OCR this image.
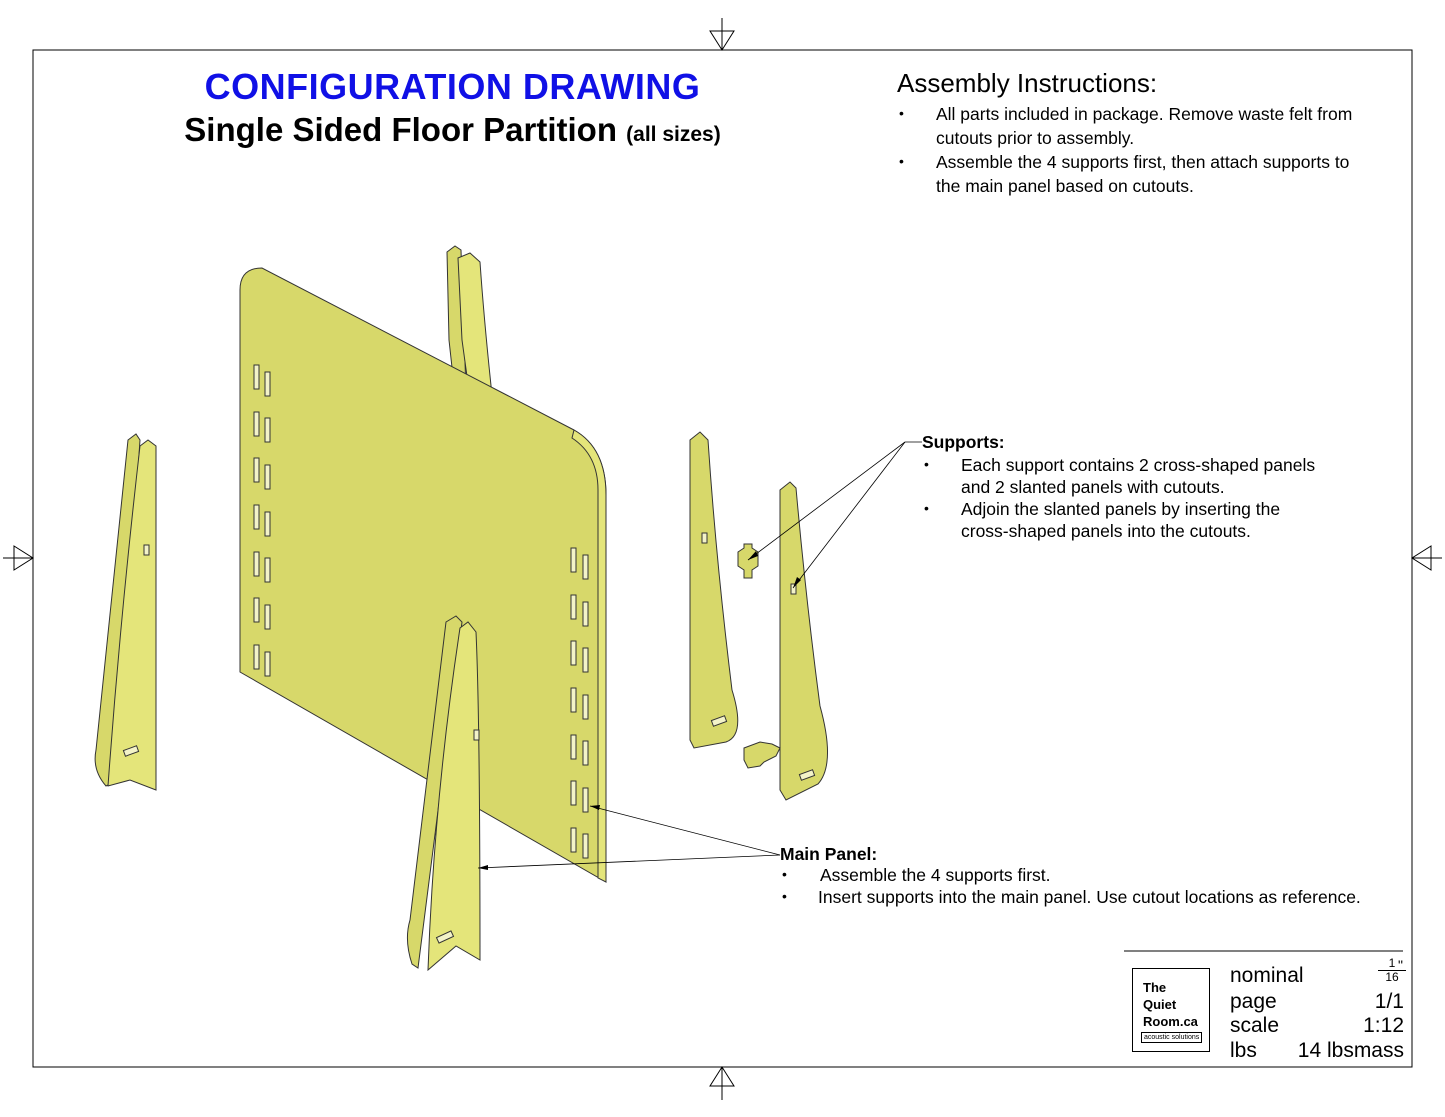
CONFIGURATION DRAWING
Single Sided Floor Partition (all sizes)
Assembly Instructions:
• All parts included in package. Remove waste felt from
cutouts prior to assembly.
• Assemble the 4 supports first, then attach supports to
the main panel based on cutouts.
Supports:
• Each support contains 2 cross-shaped panels
and 2 slanted panels with cutouts.
• Adjoin the slanted panels by inserting the
cross-shaped panels into the cutouts.
Main Panel:
• Assemble the 4 supports first.
• Insert supports into the main panel. Use cutout locations as reference.
The
Quiet
Room.ca
acoustic solutions
nominal	$\frac{1}{16}$
"
page	1/1
scale	1:12
lbs 14 lbsmass
